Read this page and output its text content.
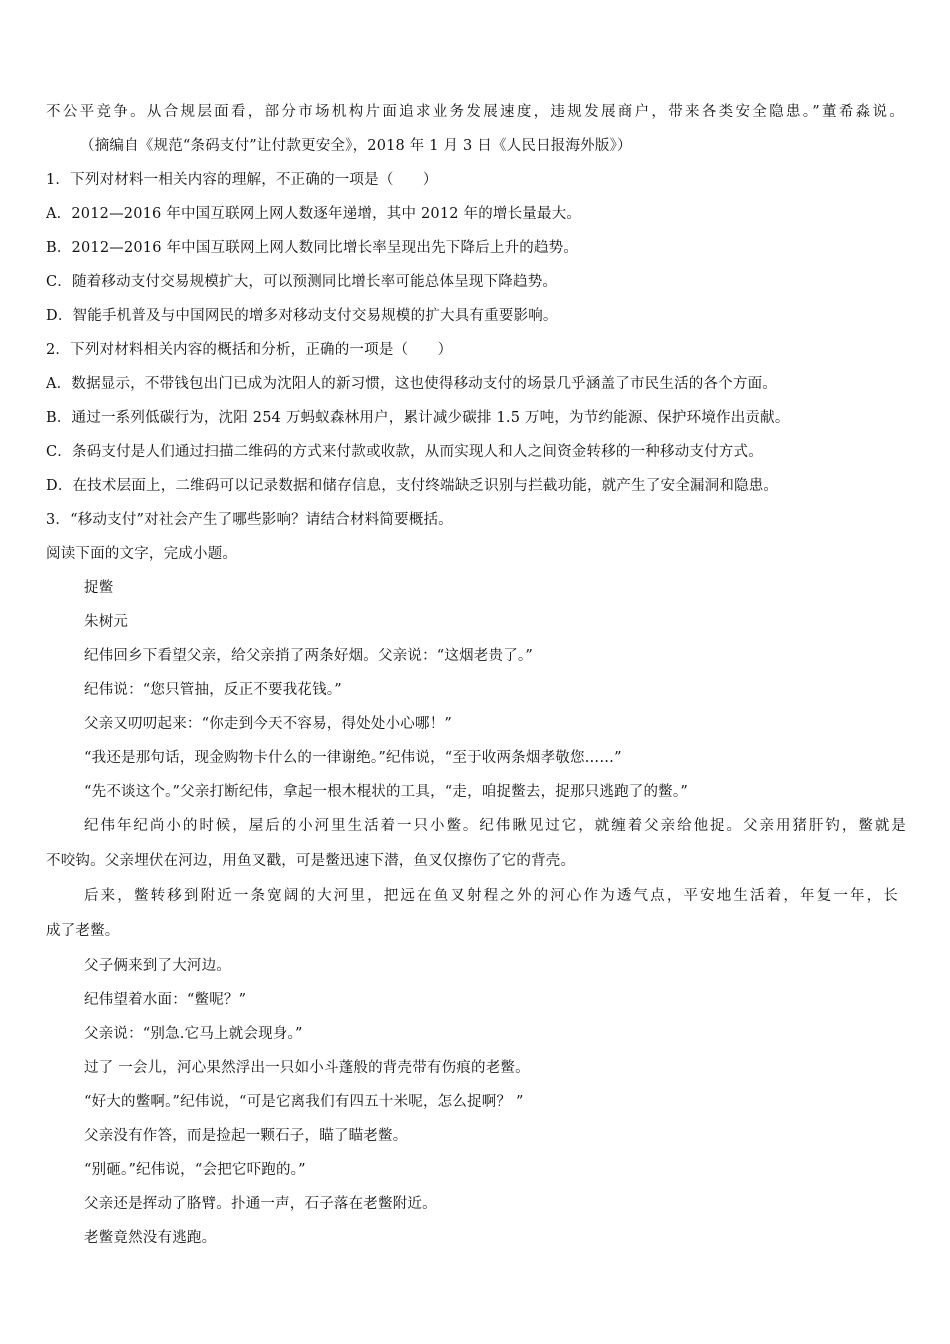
不公平竞争。从合规层面看，部分市场机构片面追求业务发展速度，违规发展商户，带来各类安全隐患。”董希淼说。
（摘编自《规范“条码支付”让付款更安全》，2018 年 1 月 3 日《人民日报海外版》）
1．下列对材料一相关内容的理解，不正确的一项是（　　）
A．2012—2016 年中国互联网上网人数逐年递增，其中 2012 年的增长量最大。
B．2012—2016 年中国互联网上网人数同比增长率呈现出先下降后上升的趋势。
C．随着移动支付交易规模扩大，可以预测同比增长率可能总体呈现下降趋势。
D．智能手机普及与中国网民的增多对移动支付交易规模的扩大具有重要影响。
2．下列对材料相关内容的概括和分析，正确的一项是（　　）
A．数据显示，不带钱包出门已成为沈阳人的新习惯，这也使得移动支付的场景几乎涵盖了市民生活的各个方面。
B．通过一系列低碳行为，沈阳 254 万蚂蚁森林用户，累计减少碳排 1.5 万吨，为节约能源、保护环境作出贡献。
C．条码支付是人们通过扫描二维码的方式来付款或收款，从而实现人和人之间资金转移的一种移动支付方式。
D．在技术层面上，二维码可以记录数据和储存信息，支付终端缺乏识别与拦截功能，就产生了安全漏洞和隐患。
3．“移动支付”对社会产生了哪些影响？请结合材料简要概括。
阅读下面的文字，完成小题。
捉鳖
朱树元
纪伟回乡下看望父亲，给父亲捎了两条好烟。父亲说：“这烟老贵了。”
纪伟说：“您只管抽，反正不要我花钱。”
父亲又叨叨起来：“你走到今天不容易，得处处小心哪！”
“我还是那句话，现金购物卡什么的一律谢绝。”纪伟说，“至于收两条烟孝敬您……”
“先不谈这个。”父亲打断纪伟，拿起一根木棍状的工具，“走，咱捉鳖去，捉那只逃跑了的鳖。”
纪伟年纪尚小的时候，屋后的小河里生活着一只小鳖。纪伟瞅见过它，就缠着父亲给他捉。父亲用猪肝钓，鳖就是
不咬钩。父亲埋伏在河边，用鱼叉戳，可是鳖迅速下潜，鱼叉仅擦伤了它的背壳。
后来，鳖转移到附近一条宽阔的大河里，把远在鱼叉射程之外的河心作为透气点，平安地生活着，年复一年，长
成了老鳖。
父子俩来到了大河边。
纪伟望着水面：“鳖呢？”
父亲说：“别急.它马上就会现身。”
过了 一会儿，河心果然浮出一只如小斗蓬般的背壳带有伤痕的老鳖。
“好大的鳖啊。”纪伟说，“可是它离我们有四五十米呢，怎么捉啊？ ”
父亲没有作答，而是捡起一颗石子，瞄了瞄老鳖。
“别砸。”纪伟说，“会把它吓跑的。”
父亲还是挥动了胳臂。扑通一声，石子落在老鳖附近。
老鳖竟然没有逃跑。
